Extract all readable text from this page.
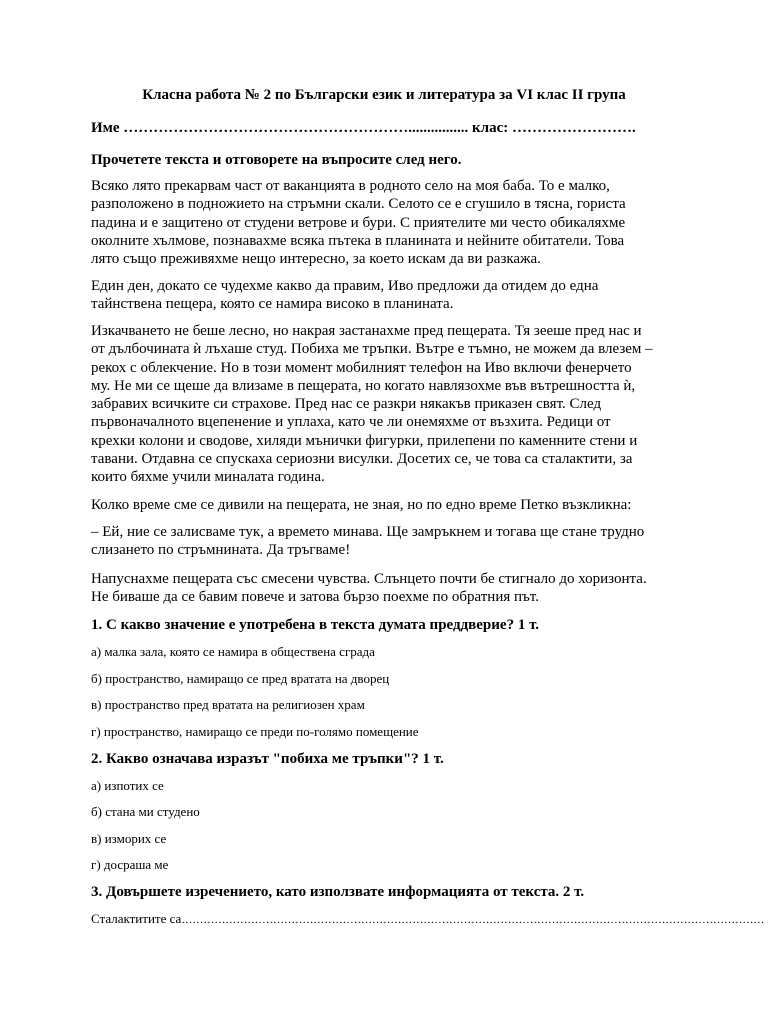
Класна работа № 2 по Български език и литература за VI клас II група

Име …………………………………………………................ клас: …………………….

Прочетете текста и отговорете на въпросите след него.

Всяко лято прекарвам част от ваканцията в родното село на моя баба. То е малко,
разположено в подножието на стръмни скали. Селото се е сгушило в тясна, гориста
падина и е защитено от студени ветрове и бури. С приятелите ми често обикаляхме
околните хълмове, познавахме всяка пътека в планината и нейните обитатели. Това
лято също преживяхме нещо интересно, за което искам да ви разкажа.

Един ден, докато се чудехме какво да правим, Иво предложи да отидем до една
тайнствена пещера, която се намира високо в планината.

Изкачването не беше лесно, но накрая застанахме пред пещерата. Тя зееше пред нас и
от дълбочината ѝ лъхаше студ. Побиха ме тръпки. Вътре е тъмно, не можем да влезем –
рекох с облекчение. Но в този момент мобилният телефон на Иво включи фенерчето
му. Не ми се щеше да влизаме в пещерата, но когато навлязохме във вътрешността ѝ,
забравих всичките си страхове. Пред нас се разкри някакъв приказен свят. След
първоначалното вцепенение и уплаха, като че ли онемяхме от възхита. Редици от
крехки колони и сводове, хиляди мънички фигурки, прилепени по каменните стени и
тавани. Отдавна се спускаха сериозни висулки. Досетих се, че това са сталактити, за
които бяхме учили миналата година.

Колко време сме се дивили на пещерата, не зная, но по едно време Петко възкликна:

– Ей, ние се залисваме тук, а времето минава. Ще замръкнем и тогава ще стане трудно
слизането по стръмнината. Да тръгваме!

Напуснахме пещерата със смесени чувства. Слънцето почти бе стигнало до хоризонта.
Не биваше да се бавим повече и затова бързо поехме по обратния път.

1. С какво значение е употребена в текста думата преддверие? 1 т.

а) малка зала, която се намира в обществена сграда

б) пространство, намиращо се пред вратата на дворец

в) пространство пред вратата на религиозен храм

г) пространство, намиращо се преди по-голямо помещение

2. Какво означава изразът "побиха ме тръпки"? 1 т.

а) изпотих се

б) стана ми студено

в) изморих се

г) досраша ме

3. Довършете изречението, като използвате информацията от текста. 2 т.

Сталактитите са……………………………………………………………………………………………………………………………………………
